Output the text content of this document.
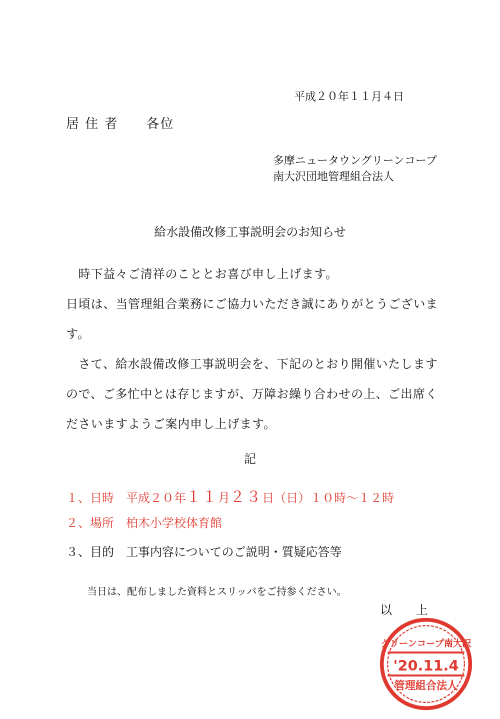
平成２０年１１月４日
居 住 者　　各位
多摩ニュータウングリーンコープ
南大沢団地管理組合法人
給水設備改修工事説明会のお知らせ
　時下益々ご清祥のこととお喜び申し上げます。
日頃は、当管理組合業務にご協力いただき誠にありがとうございま
す。
　さて、給水設備改修工事説明会を、下記のとおり開催いたします
ので、ご多忙中とは存じますが、万障お繰り合わせの上、ご出席く
ださいますようご案内申し上げます。
記
１、日時　平成２０年１１月２３日（日）１０時～１２時
２、場所　柏木小学校体育館
３、目的　工事内容についてのご説明・質疑応答等
当日は、配布しました資料とスリッパをご持参ください。
以 上
グリーンコープ南大沢
'20.11.4
管理組合法人
